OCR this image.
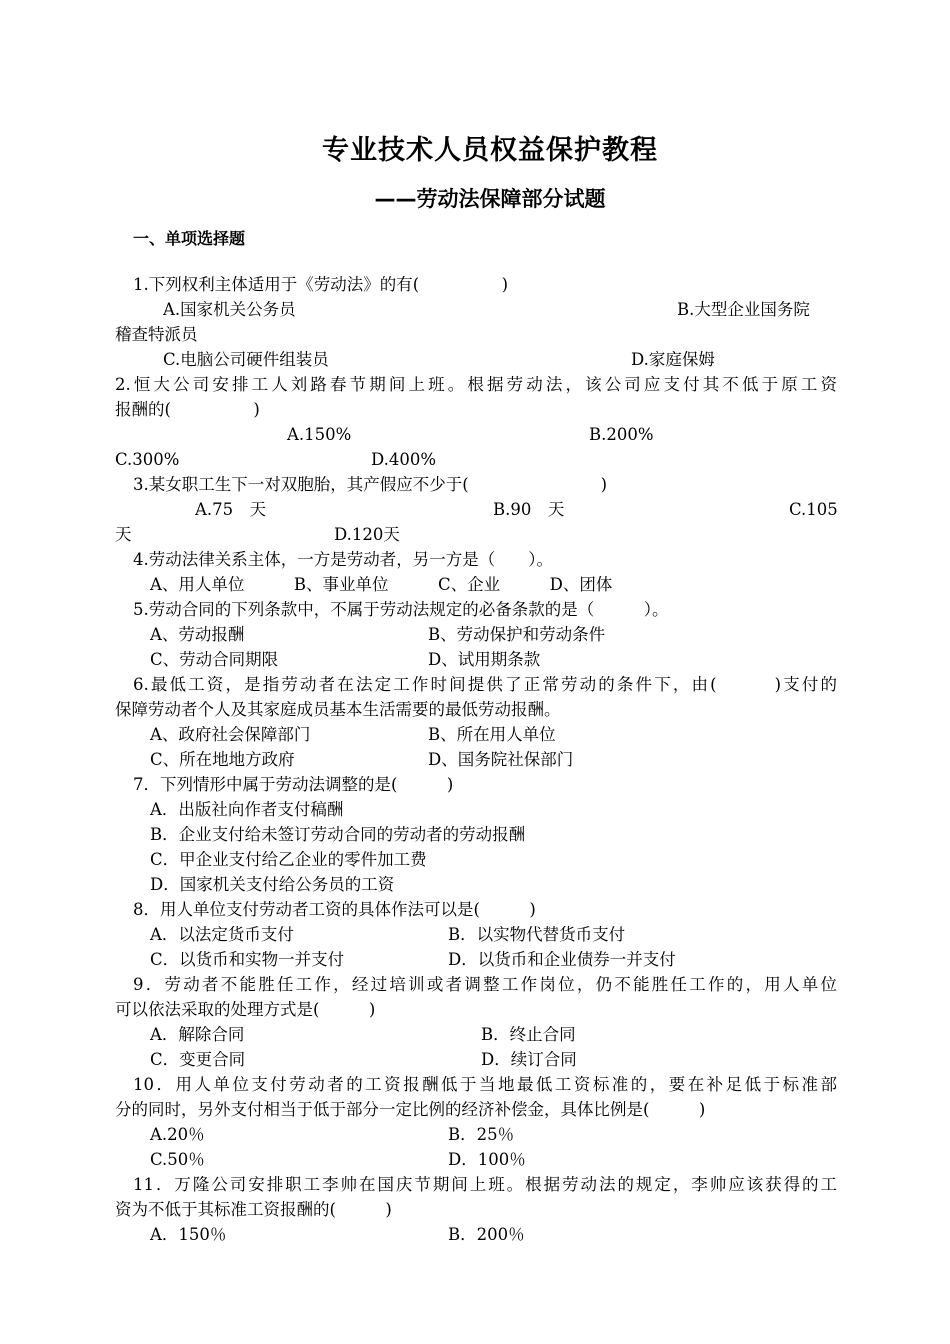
专业技术人员权益保护教程
——劳动法保障部分试题
一、单项选择题
1.下列权利主体适用于《劳动法》的有(　　　　　)
A.国家机关公务员	B.大型企业国务院
稽查特派员
C.电脑公司硬件组装员	D.家庭保姆
2.恒大公司安排工人刘路春节期间上班。根据劳动法，该公司应支付其不低于原工资
报酬的(　　　　　)
A.150%	B.200%
C.300%	D.400%
3.某女职工生下一对双胞胎，其产假应不少于(　　　　　　　　)
A.75　天	B.90　天	C.105
天	D.120天
4.劳动法律关系主体，一方是劳动者，另一方是（　　）。
A、用人单位　　　B、事业单位　　　C、企业　　　D、团体
5.劳动合同的下列条款中，不属于劳动法规定的必备条款的是（　　　）。
A、劳动报酬	B、劳动保护和劳动条件
C、劳动合同期限	D、试用期条款
6.最低工资，是指劳动者在法定工作时间提供了正常劳动的条件下，由(　　　)支付的
保障劳动者个人及其家庭成员基本生活需要的最低劳动报酬。
A、政府社会保障部门	B、所在用人单位
C、所在地地方政府	D、国务院社保部门
7．下列情形中属于劳动法调整的是(　　　)
A．出版社向作者支付稿酬
B．企业支付给未签订劳动合同的劳动者的劳动报酬
C．甲企业支付给乙企业的零件加工费
D．国家机关支付给公务员的工资
8．用人单位支付劳动者工资的具体作法可以是(　　　)
A．以法定货币支付	B．以实物代替货币支付
C．以货币和实物一并支付	D．以货币和企业债券一并支付
9．劳动者不能胜任工作，经过培训或者调整工作岗位，仍不能胜任工作的，用人单位
可以依法采取的处理方式是(　　　)
A．解除合同	B．终止合同
C．变更合同	D．续订合同
10．用人单位支付劳动者的工资报酬低于当地最低工资标准的，要在补足低于标准部
分的同时，另外支付相当于低于部分一定比例的经济补偿金，具体比例是(　　　)
A.20％	B．25％
C.50％	D．100％
11．万隆公司安排职工李帅在国庆节期间上班。根据劳动法的规定，李帅应该获得的工
资为不低于其标准工资报酬的(　　　)
A．150％	B．200％
